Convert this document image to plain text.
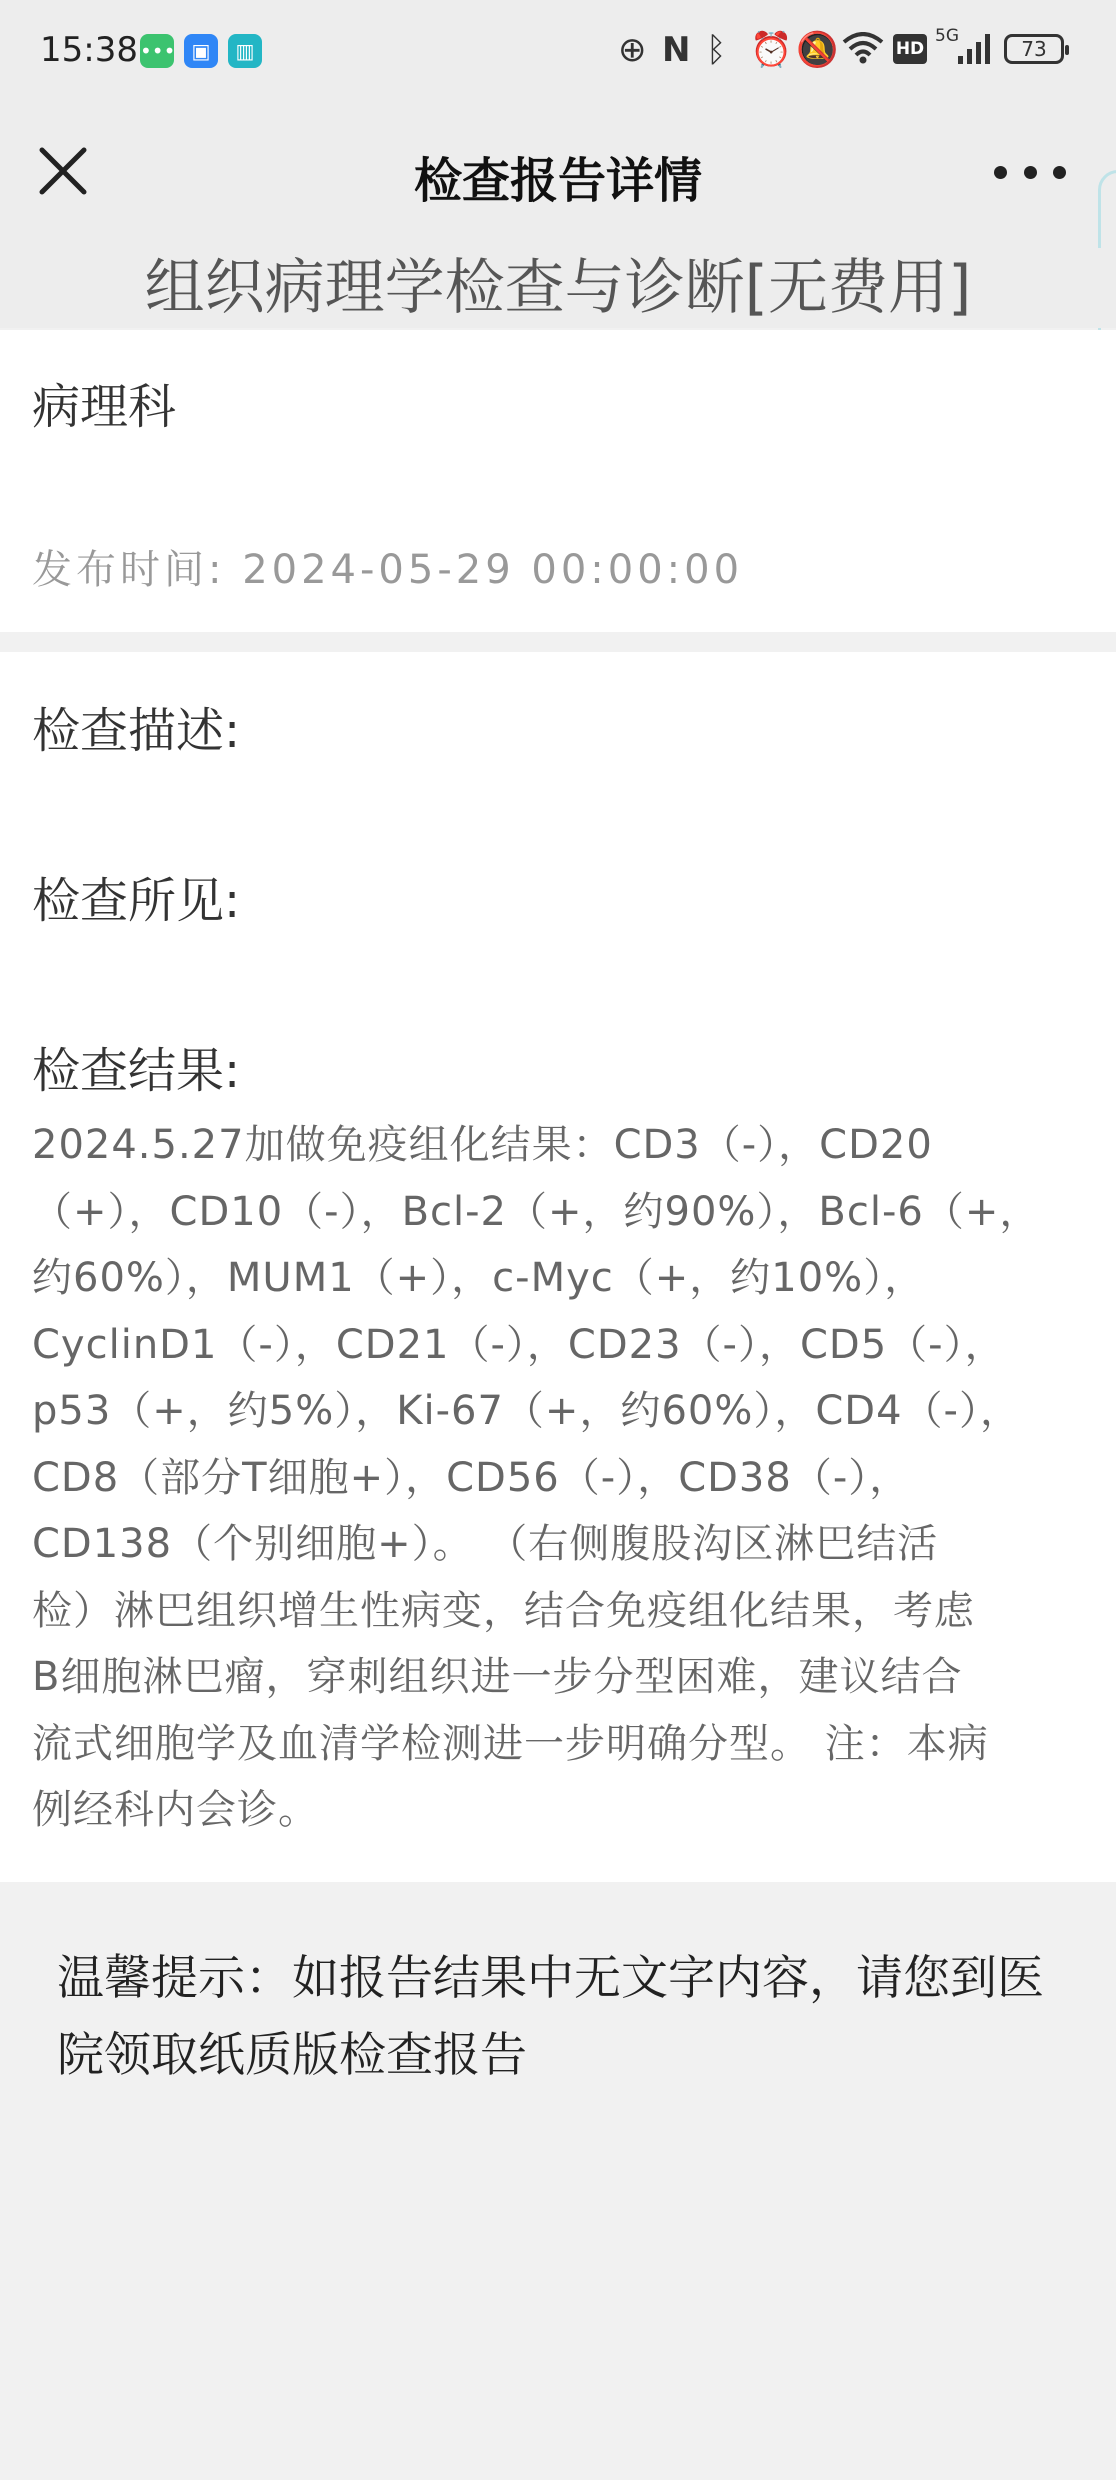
15:38 ••• ▣	▥	⊕ N ᛒ ⏰ 🔕	HD
5G
73
检查报告详情
组织病理学检查与诊断[无费用]
病理科
发布时间: 2024-05-29 00:00:00
检查描述:
检查所见:
检查结果:
2024.5.27加做免疫组化结果：CD3（-），CD20
（+），CD10（-），Bcl-2（+，约90%），Bcl-6（+，
约60%），MUM1（+），c-Myc（+，约10%），
CyclinD1（-），CD21（-），CD23（-），CD5（-），
p53（+，约5%），Ki-67（+，约60%），CD4（-），
CD8（部分T细胞+），CD56（-），CD38（-），
CD138（个别细胞+）。 （右侧腹股沟区淋巴结活
检）淋巴组织增生性病变，结合免疫组化结果，考虑
B细胞淋巴瘤，穿刺组织进一步分型困难，建议结合
流式细胞学及血清学检测进一步明确分型。 注：本病
例经科内会诊。
温馨提示：如报告结果中无文字内容，请您到医院领取纸质版检查报告
